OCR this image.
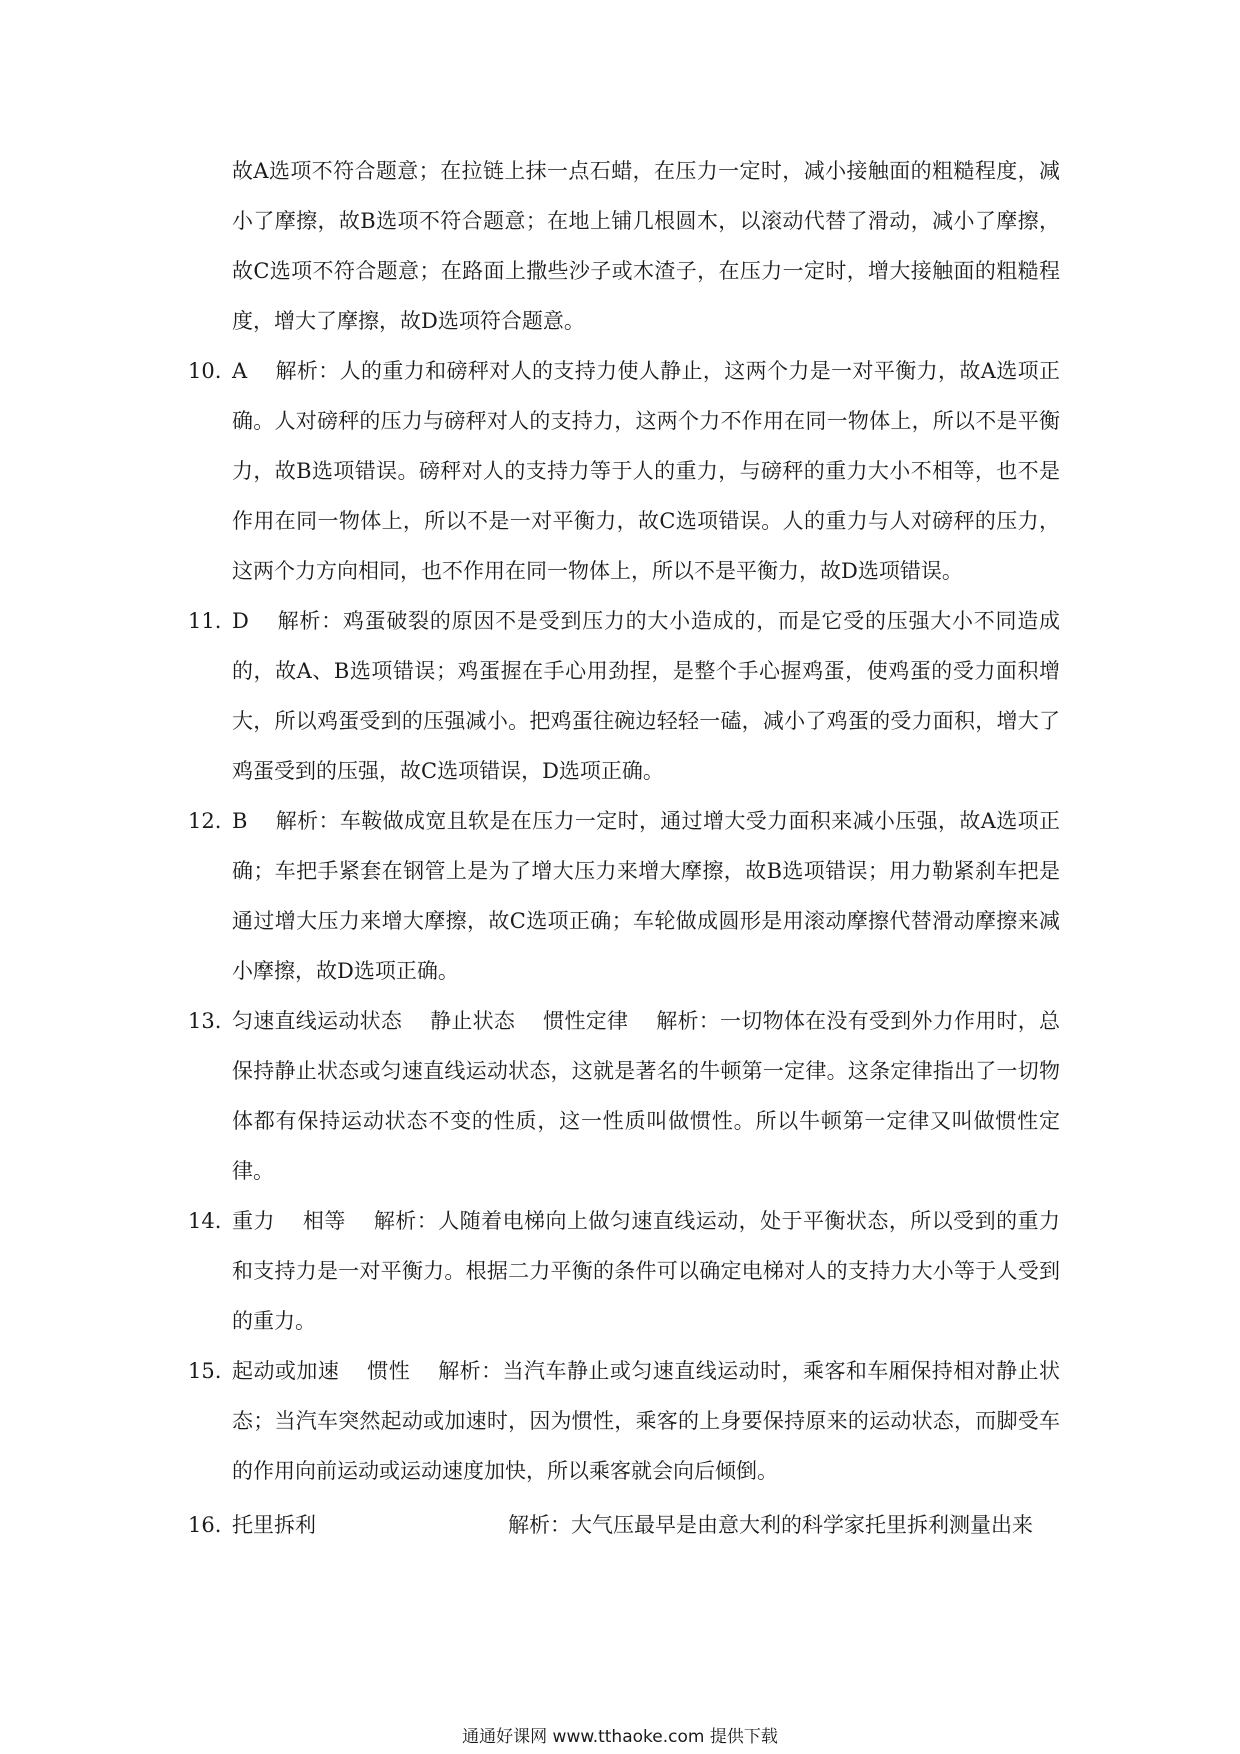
故A选项不符合题意；在拉链上抹一点石蜡，在压力一定时，减小接触面的粗糙程度，减小了摩擦，故B选项不符合题意；在地上铺几根圆木，以滚动代替了滑动，减小了摩擦，故C选项不符合题意；在路面上撒些沙子或木渣子，在压力一定时，增大接触面的粗糙程度，增大了摩擦，故D选项符合题意。
10. A 解析：人的重力和磅秤对人的支持力使人静止，这两个力是一对平衡力，故A选项正确。人对磅秤的压力与磅秤对人的支持力，这两个力不作用在同一物体上，所以不是平衡力，故B选项错误。磅秤对人的支持力等于人的重力，与磅秤的重力大小不相等，也不是作用在同一物体上，所以不是一对平衡力，故C选项错误。人的重力与人对磅秤的压力，这两个力方向相同，也不作用在同一物体上，所以不是平衡力，故D选项错误。
11. D 解析：鸡蛋破裂的原因不是受到压力的大小造成的，而是它受的压强大小不同造成的，故A、B选项错误；鸡蛋握在手心用劲捏，是整个手心握鸡蛋，使鸡蛋的受力面积增大，所以鸡蛋受到的压强减小。把鸡蛋往碗边轻轻一磕，减小了鸡蛋的受力面积，增大了鸡蛋受到的压强，故C选项错误，D选项正确。
12. B 解析：车鞍做成宽且软是在压力一定时，通过增大受力面积来减小压强，故A选项正确；车把手紧套在钢管上是为了增大压力来增大摩擦，故B选项错误；用力勒紧刹车把是通过增大压力来增大摩擦，故C选项正确；车轮做成圆形是用滚动摩擦代替滑动摩擦来减小摩擦，故D选项正确。
13. 匀速直线运动状态 静止状态 惯性定律 解析：一切物体在没有受到外力作用时，总保持静止状态或匀速直线运动状态，这就是著名的牛顿第一定律。这条定律指出了一切物体都有保持运动状态不变的性质，这一性质叫做惯性。所以牛顿第一定律又叫做惯性定律。
14. 重力 相等 解析：人随着电梯向上做匀速直线运动，处于平衡状态，所以受到的重力和支持力是一对平衡力。根据二力平衡的条件可以确定电梯对人的支持力大小等于人受到的重力。
15. 起动或加速 惯性 解析：当汽车静止或匀速直线运动时，乘客和车厢保持相对静止状态；当汽车突然起动或加速时，因为惯性，乘客的上身要保持原来的运动状态，而脚受车的作用向前运动或运动速度加快，所以乘客就会向后倾倒。
16. 托里拆利	解析：大气压最早是由意大利的科学家托里拆利测量出来
通通好课网 www.tthaoke.com 提供下载
